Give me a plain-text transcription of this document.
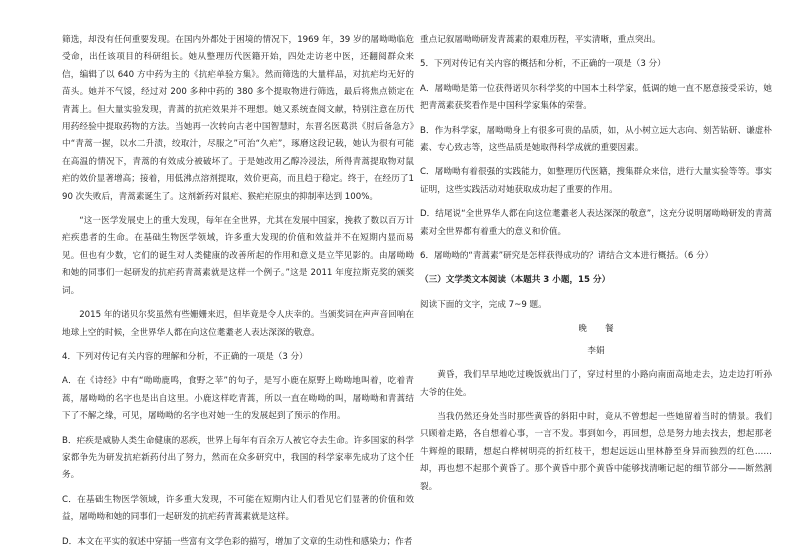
筛选，却没有任何重要发现。在国内外都处于困境的情况下，1969 年，39 岁的屠呦呦临危受命，出任该项目的科研组长。她从整理历代医籍开始，四处走访老中医，还翻阅群众来信，编辑了以 640 方中药为主的《抗疟单验方集》。然而筛选的大量样品，对抗疟均无好的苗头。她并不气馁，经过对 200 多种中药的 380 多个提取物进行筛选，最后将焦点锁定在青蒿上。但大量实验发现，青蒿的抗疟效果并不理想。她又系统查阅文献，特别注意在历代用药经验中提取药物的方法。当她再一次转向古老中国智慧时，东晋名医葛洪《肘后备急方》中“青蒿一握，以水二升渍，绞取汁，尽服之”可治“久疟”，琢磨这段记载，她认为很有可能在高温的情况下，青蒿的有效成分被破坏了。于是她改用乙醇冷浸法，所得青蒿提取物对鼠疟的效价显著增高；接着，用低沸点溶剂提取，效价更高，而且趋于稳定。终于，在经历了190 次失败后，青蒿素诞生了。这剂新药对鼠疟、猴疟疟原虫的抑制率达到 100%。

“这一医学发展史上的重大发现，每年在全世界，尤其在发展中国家，挽救了数以百万计疟疾患者的生命。在基础生物医学领域，许多重大发现的价值和效益并不在短期内显而易见。但也有少数，它们的诞生对人类健康的改善所起的作用和意义是立竿见影的。由屠呦呦和她的同事们一起研发的抗疟药青蒿素就是这样一个例子。”这是 2011 年度拉斯克奖的颁奖词。

2015 年的诺贝尔奖虽然有些姗姗来迟，但毕竟是令人庆幸的。当颁奖词在声声音回响在地球上空的时候，全世界华人都在向这位耄耋老人表达深深的敬意。

4．下列对传记有关内容的理解和分析，不正确的一项是（3 分）

A．在《诗经》中有“呦呦鹿鸣，食野之苹”的句子，是写小鹿在原野上呦呦地叫着，吃着青蒿，屠呦呦的名字也是出自这里。小鹿这样吃青蒿，所以一直在呦呦的叫，屠呦呦和青蒿结下了不解之缘，可见，屠呦呦的名字也对她一生的发展起到了预示的作用。

B．疟疾是威胁人类生命健康的恶疾，世界上每年有百余万人被它夺去生命。许多国家的科学家都争先为研发抗疟新药付出了努力，然而在众多研究中，我国的科学家率先成功了这个任务。

C．在基础生物医学领域，许多重大发现，不可能在短期内让人们看见它们显著的价值和效益，屠呦呦和她的同事们一起研发的抗疟药青蒿素就是这样。

D．本文在平实的叙述中穿插一些富有文学色彩的描写，增加了文章的生动性和感染力；作者

重点记叙屠呦呦研发青蒿素的艰难历程，平实清晰，重点突出。

5．下列对传记有关内容的概括和分析，不正确的一项是（3 分）

A．屠呦呦是第一位获得诺贝尔科学奖的中国本土科学家，低调的她一直不愿意接受采访，她把青蒿素获奖看作是中国科学家集体的荣誉。

B．作为科学家，屠呦呦身上有很多可贵的品质，如，从小树立远大志向、刻苦钻研、谦虚朴素、专心致志等，这些品质是她取得科学成就的重要因素。

C．屠呦呦有着很强的实践能力，如整理历代医籍，搜集群众来信，进行大量实验等等。事实证明，这些实践活动对她获取成功起了重要的作用。

D．结尾说“全世界华人都在向这位耄耋老人表达深深的敬意”，这充分说明屠呦呦研发的青蒿素对全世界都有着重大的意义和价值。

6．屠呦呦的“青蒿素”研究是怎样获得成功的？请结合文本进行概括。（6 分）

（三）文学类文本阅读（本题共 3 小题，15 分）

阅读下面的文字，完成 7~9 题。

晚餐

李娟

黄昏，我们早早地吃过晚饭就出门了，穿过村里的小路向南面高地走去，边走边打听孙大爷的住处。

当我仍然还身处当时那些黄昏的斜阳中时，竟从不曾想起一些她留着当时的情景。我们只顾着走路，各自想着心事，一言不发。事到如今，再回想，总是努力地去找去，想起那老牛辉煌的眼睛，想起白桦树明亮的折红枝干，想起远远山里林静至身异而独烈的红色……却，再也想不起那个黄昏了。那个黄昏中那个黄昏中能够找清晰记起的细节部分——断然割裂。
